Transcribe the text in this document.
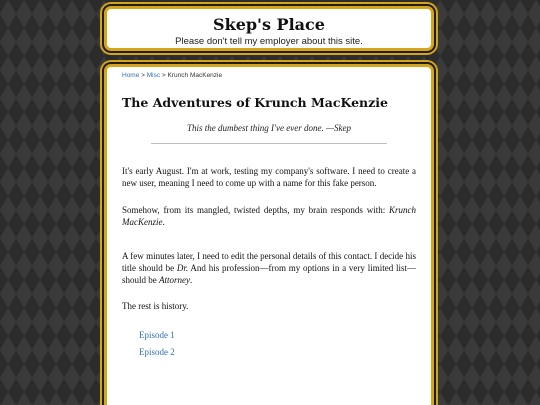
Skep's Place

Please don't tell my employer about this site.

Home > Misc > Krunch MacKenzie

The Adventures of Krunch MacKenzie

This the dumbest thing I've ever done. —Skep

It's early August. I'm at work, testing my company's software. I need to create a new user, meaning I need to come up with a name for this fake person.

Somehow, from its mangled, twisted depths, my brain responds with: Krunch MacKenzie.

A few minutes later, I need to edit the personal details of this contact. I decide his title should be Dr. And his profession—from my options in a very limited list—should be Attorney.

The rest is history.

Episode 1
Episode 2
